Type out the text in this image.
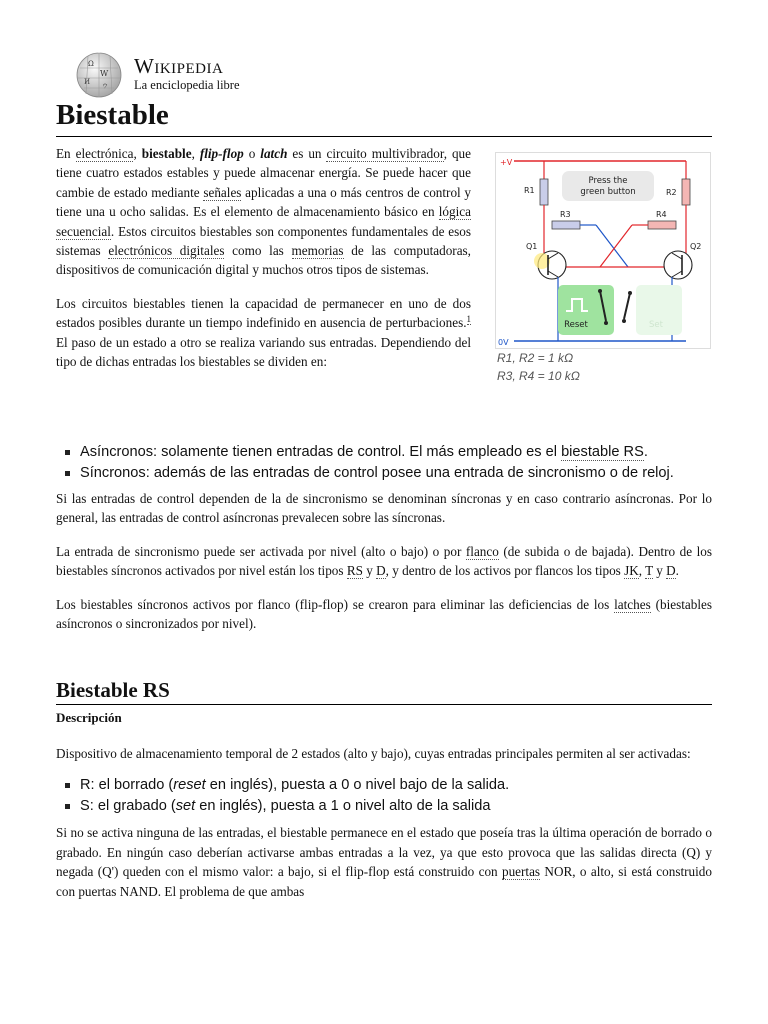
Ω
W
И
ウ
Wikipedia
La enciclopedia libre
Biestable

En electrónica, biestable, flip-flop o latch es un circuito multivibrador, que tiene cuatro estados estables y puede almacenar energía. Se puede hacer que cambie de estado mediante señales aplicadas a una o más centros de control y tiene una u ocho salidas. Es el elemento de almacenamiento básico en lógica secuencial. Estos circuitos biestables son componentes fundamentales de esos sistemas electrónicos digitales como las memorias de las computadoras, dispositivos de comunicación digital y muchos otros tipos de sistemas.

Los circuitos biestables tienen la capacidad de permanecer en uno de dos estados posibles durante un tiempo indefinido en ausencia de perturbaciones.$^1$ El paso de un estado a otro se realiza variando sus entradas. Dependiendo del tipo de dichas entradas los biestables se dividen en:

+V
0V
R1	R2
Press the
green button
R3	R4
Q1	Q2
Reset	Set
R1, R2 = 1 kΩ
R3, R4 = 10 kΩ
Asíncronos: solamente tienen entradas de control. El más empleado es el biestable RS.
Síncronos: además de las entradas de control posee una entrada de sincronismo o de reloj.

Si las entradas de control dependen de la de sincronismo se denominan síncronas y en caso contrario asíncronas. Por lo general, las entradas de control asíncronas prevalecen sobre las síncronas.

La entrada de sincronismo puede ser activada por nivel (alto o bajo) o por flanco (de subida o de bajada). Dentro de los biestables síncronos activados por nivel están los tipos RS y D, y dentro de los activos por flancos los tipos JK, T y D.

Los biestables síncronos activos por flanco (flip-flop) se crearon para eliminar las deficiencias de los latches (biestables asíncronos o sincronizados por nivel).

Biestable RS
Descripción

Dispositivo de almacenamiento temporal de 2 estados (alto y bajo), cuyas entradas principales permiten al ser activadas:

R: el borrado (reset en inglés), puesta a 0 o nivel bajo de la salida.
S: el grabado (set en inglés), puesta a 1 o nivel alto de la salida

Si no se activa ninguna de las entradas, el biestable permanece en el estado que poseía tras la última operación de borrado o grabado. En ningún caso deberían activarse ambas entradas a la vez, ya que esto provoca que las salidas directa (Q) y negada (Q') queden con el mismo valor: a bajo, si el flip-flop está construido con puertas NOR, o alto, si está construido con puertas NAND. El problema de que ambas
